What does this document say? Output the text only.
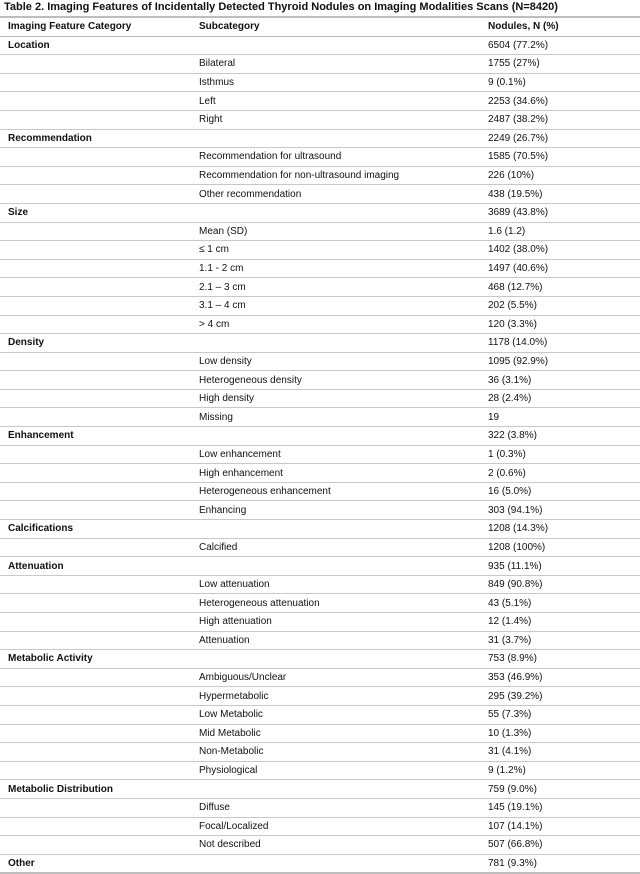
Table 2. Imaging Features of Incidentally Detected Thyroid Nodules on Imaging Modalities Scans (N=8420)
Imaging Feature Category	Subcategory	Nodules, N (%)
Location		6504 (77.2%)
	Bilateral	1755 (27%)
	Isthmus	9 (0.1%)
	Left	2253 (34.6%)
	Right	2487 (38.2%)
Recommendation		2249 (26.7%)
	Recommendation for ultrasound	1585 (70.5%)
	Recommendation for non-ultrasound imaging	226 (10%)
	Other recommendation	438 (19.5%)
Size		3689 (43.8%)
	Mean (SD)	1.6 (1.2)
	≤ 1 cm	1402 (38.0%)
	1.1 - 2 cm	1497 (40.6%)
	2.1 – 3 cm	468 (12.7%)
	3.1 – 4 cm	202 (5.5%)
	> 4 cm	120 (3.3%)
Density		1178 (14.0%)
	Low density	1095 (92.9%)
	Heterogeneous density	36 (3.1%)
	High density	28 (2.4%)
	Missing	19
Enhancement		322 (3.8%)
	Low enhancement	1 (0.3%)
	High enhancement	2 (0.6%)
	Heterogeneous enhancement	16 (5.0%)
	Enhancing	303 (94.1%)
Calcifications		1208 (14.3%)
	Calcified	1208 (100%)
Attenuation		935 (11.1%)
	Low attenuation	849 (90.8%)
	Heterogeneous attenuation	43 (5.1%)
	High attenuation	12 (1.4%)
	Attenuation	31 (3.7%)
Metabolic Activity		753 (8.9%)
	Ambiguous/Unclear	353 (46.9%)
	Hypermetabolic	295 (39.2%)
	Low Metabolic	55 (7.3%)
	Mid Metabolic	10 (1.3%)
	Non-Metabolic	31 (4.1%)
	Physiological	9 (1.2%)
Metabolic Distribution		759 (9.0%)
	Diffuse	145 (19.1%)
	Focal/Localized	107 (14.1%)
	Not described	507 (66.8%)
Other		781 (9.3%)
